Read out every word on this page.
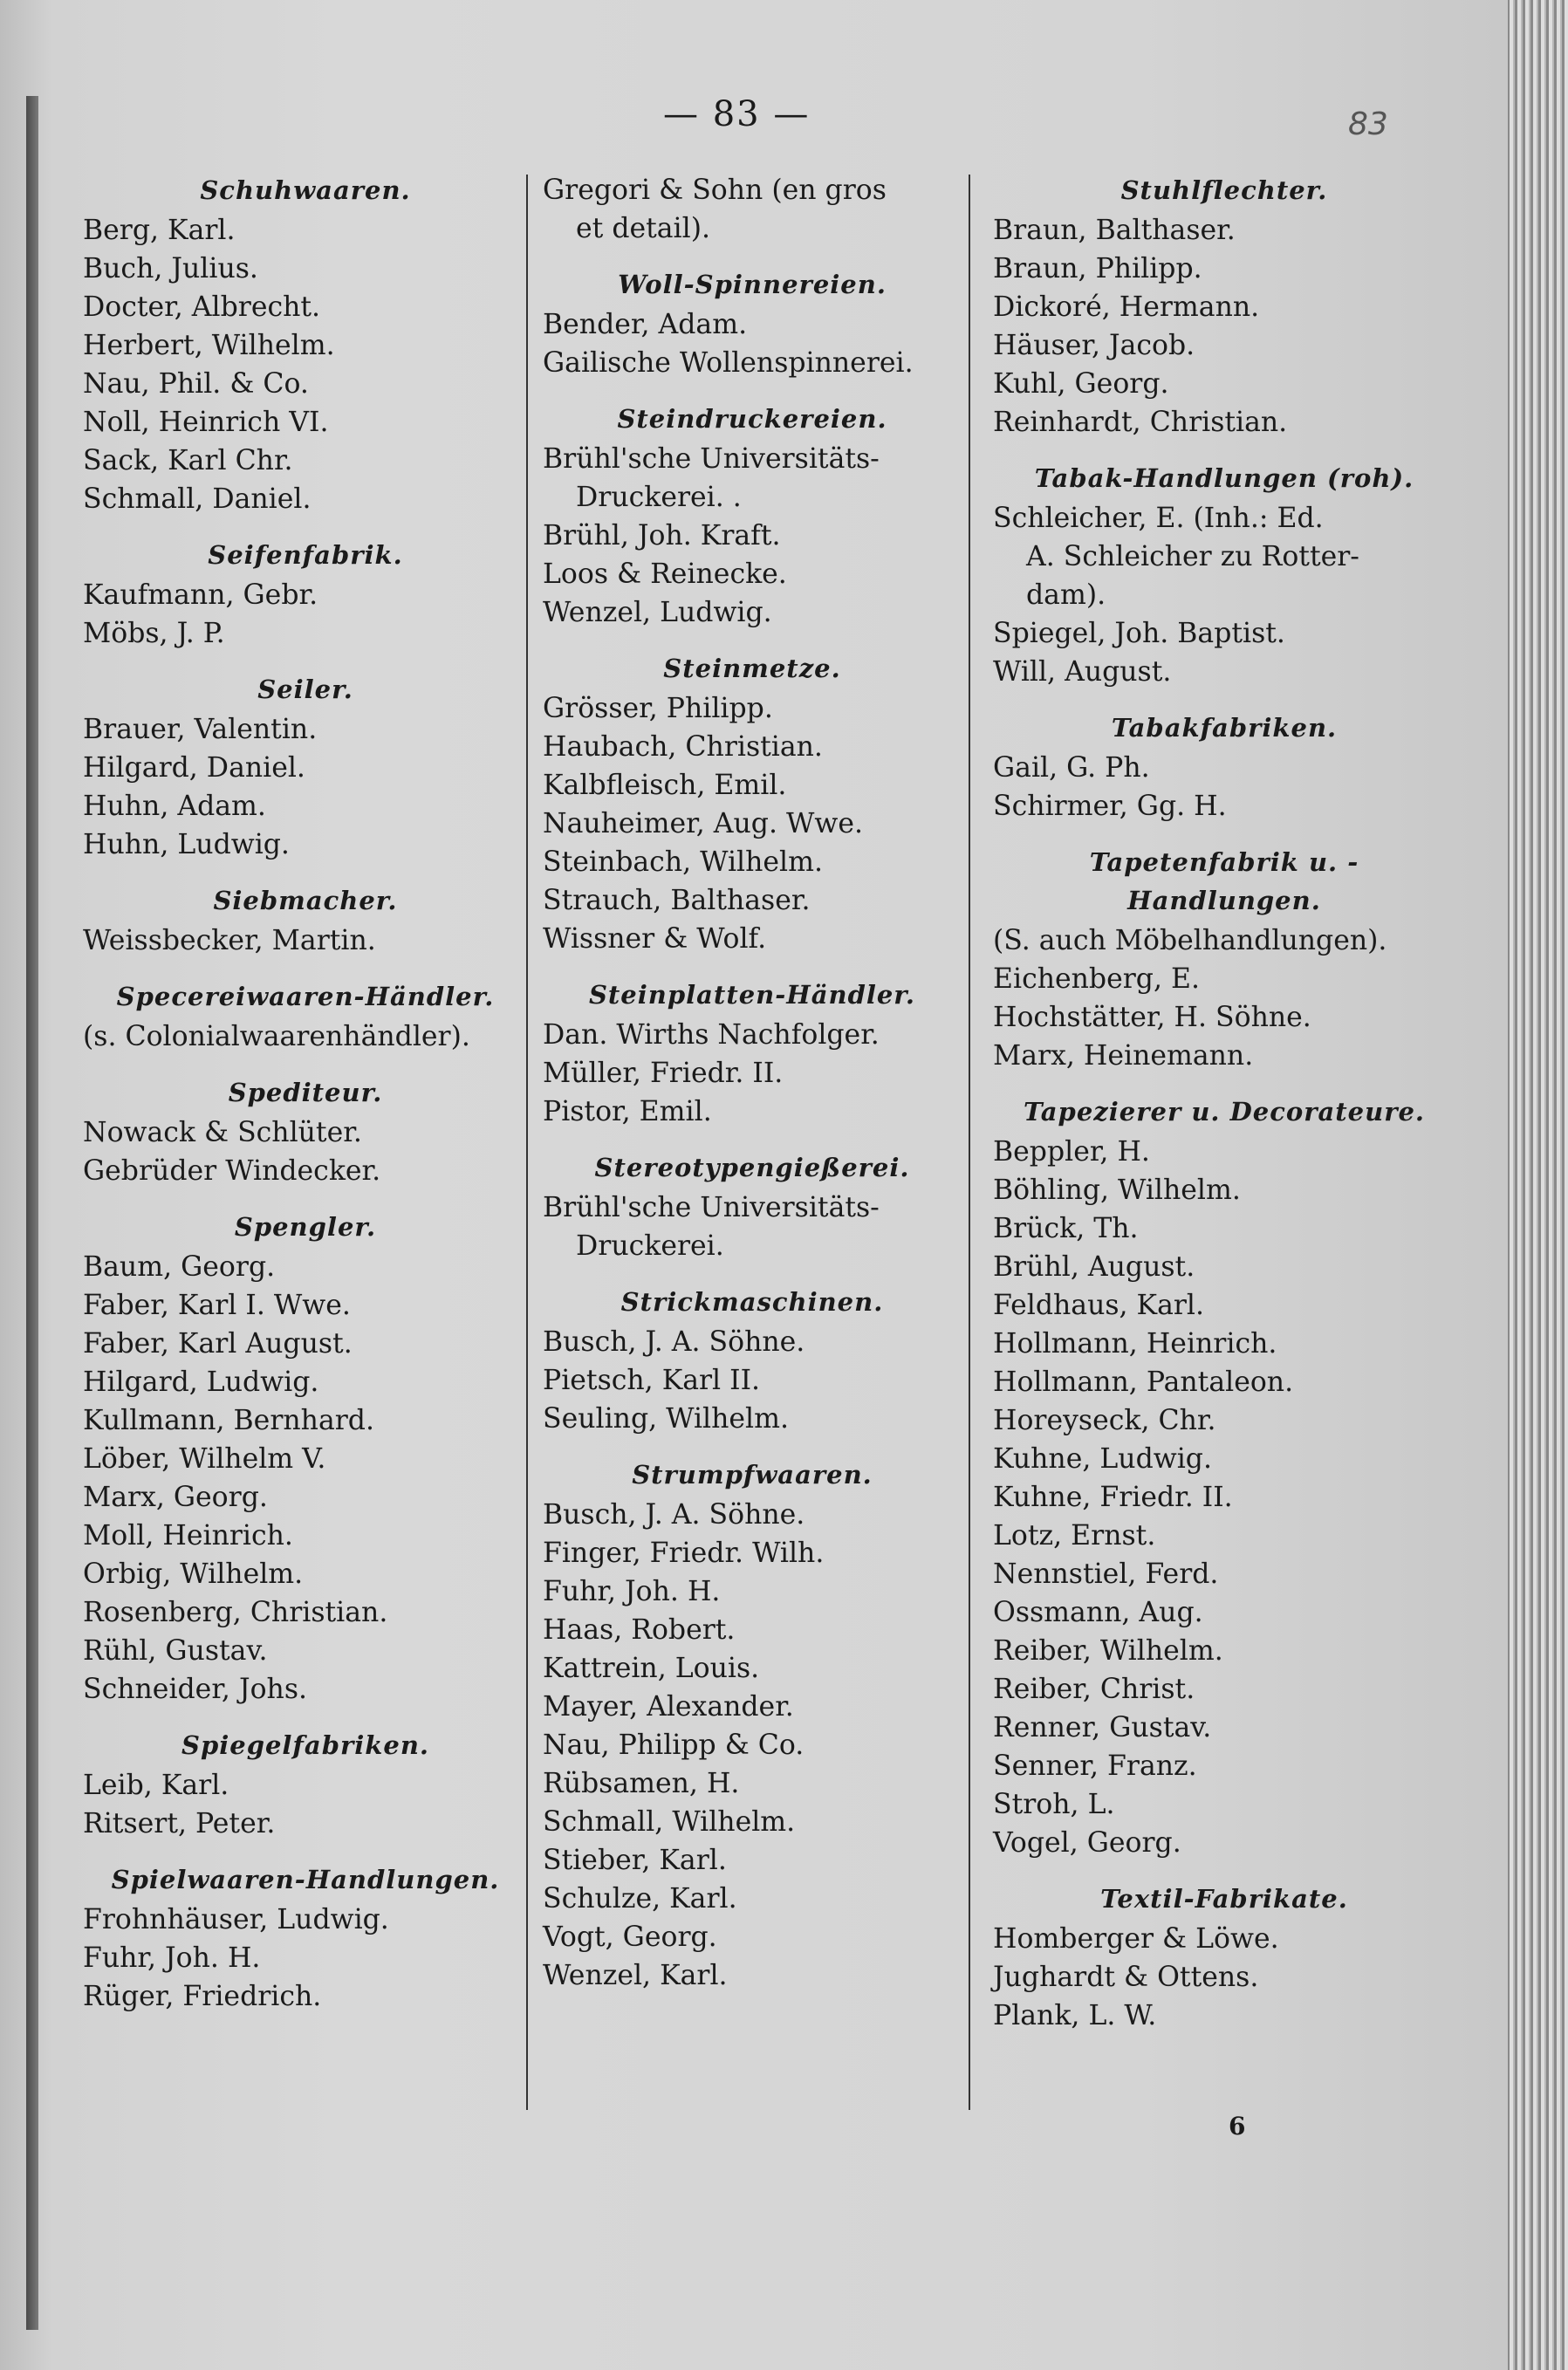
— 83 —	83
Schuhwaaren.
Berg, Karl.
Buch, Julius.
Docter, Albrecht.
Herbert, Wilhelm.
Nau, Phil. & Co.
Noll, Heinrich VI.
Sack, Karl Chr.
Schmall, Daniel.
Seifenfabrik.
Kaufmann, Gebr.
Möbs, J. P.
Seiler.
Brauer, Valentin.
Hilgard, Daniel.
Huhn, Adam.
Huhn, Ludwig.
Siebmacher.
Weissbecker, Martin.
Specereiwaaren-Händler.
(s. Colonialwaarenhändler).
Spediteur.
Nowack & Schlüter.
Gebrüder Windecker.
Spengler.
Baum, Georg.
Faber, Karl I. Wwe.
Faber, Karl August.
Hilgard, Ludwig.
Kullmann, Bernhard.
Löber, Wilhelm V.
Marx, Georg.
Moll, Heinrich.
Orbig, Wilhelm.
Rosenberg, Christian.
Rühl, Gustav.
Schneider, Johs.
Spiegelfabriken.
Leib, Karl.
Ritsert, Peter.
Spielwaaren-Handlungen.
Frohnhäuser, Ludwig.
Fuhr, Joh. H.
Rüger, Friedrich.
Gregori & Sohn (en gros
et detail).
Woll-Spinnereien.
Bender, Adam.
Gailische Wollenspinnerei.
Steindruckereien.
Brühl'sche Universitäts-
Druckerei. .
Brühl, Joh. Kraft.
Loos & Reinecke.
Wenzel, Ludwig.
Steinmetze.
Grösser, Philipp.
Haubach, Christian.
Kalbfleisch, Emil.
Nauheimer, Aug. Wwe.
Steinbach, Wilhelm.
Strauch, Balthaser.
Wissner & Wolf.
Steinplatten-Händler.
Dan. Wirths Nachfolger.
Müller, Friedr. II.
Pistor, Emil.
Stereotypengießerei.
Brühl'sche Universitäts-
Druckerei.
Strickmaschinen.
Busch, J. A. Söhne.
Pietsch, Karl II.
Seuling, Wilhelm.
Strumpfwaaren.
Busch, J. A. Söhne.
Finger, Friedr. Wilh.
Fuhr, Joh. H.
Haas, Robert.
Kattrein, Louis.
Mayer, Alexander.
Nau, Philipp & Co.
Rübsamen, H.
Schmall, Wilhelm.
Stieber, Karl.
Schulze, Karl.
Vogt, Georg.
Wenzel, Karl.
Stuhlflechter.
Braun, Balthaser.
Braun, Philipp.
Dickoré, Hermann.
Häuser, Jacob.
Kuhl, Georg.
Reinhardt, Christian.
Tabak-Handlungen (roh).
Schleicher, E. (Inh.: Ed.
A. Schleicher zu Rotter-
dam).
Spiegel, Joh. Baptist.
Will, August.
Tabakfabriken.
Gail, G. Ph.
Schirmer, Gg. H.
Tapetenfabrik u. -Handlungen.
(S. auch Möbelhandlungen).
Eichenberg, E.
Hochstätter, H. Söhne.
Marx, Heinemann.
Tapezierer u. Decorateure.
Beppler, H.
Böhling, Wilhelm.
Brück, Th.
Brühl, August.
Feldhaus, Karl.
Hollmann, Heinrich.
Hollmann, Pantaleon.
Horeyseck, Chr.
Kuhne, Ludwig.
Kuhne, Friedr. II.
Lotz, Ernst.
Nennstiel, Ferd.
Ossmann, Aug.
Reiber, Wilhelm.
Reiber, Christ.
Renner, Gustav.
Senner, Franz.
Stroh, L.
Vogel, Georg.
Textil-Fabrikate.
Homberger & Löwe.
Jughardt & Ottens.
Plank, L. W.
6
